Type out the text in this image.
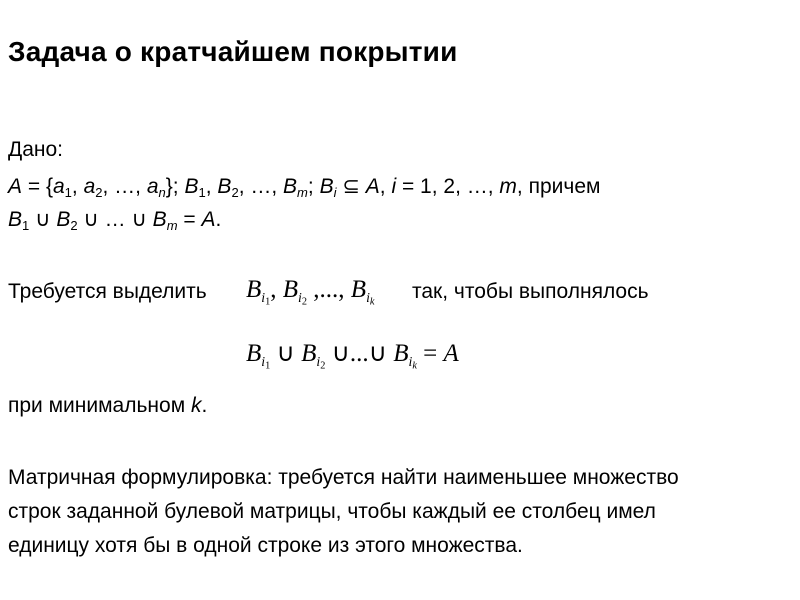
Задача о кратчайшем покрытии
Дано:
$A = \{a_1$, $a_2$, …, $a_n$}; $B_1$, $B_2$, …, $B_m$; $B_i$ ⊆ A, i = 1, 2, …, m, причем
$B_1$ ∪ $B_2$ ∪ … ∪ $B_m = A$.
Требуется выделить $B_{i_1}$, $B_{i_2}$ ,..., $B_{i_k}$ так, чтобы выполнялось
$B_{i_1}$ ∪ $B_{i_2}$ ∪...∪ $B_{i_k} = A$
при минимальном k.
Матричная формулировка: требуется найти наименьшее множество
строк заданной булевой матрицы, чтобы каждый ее столбец имел
единицу хотя бы в одной строке из этого множества.
